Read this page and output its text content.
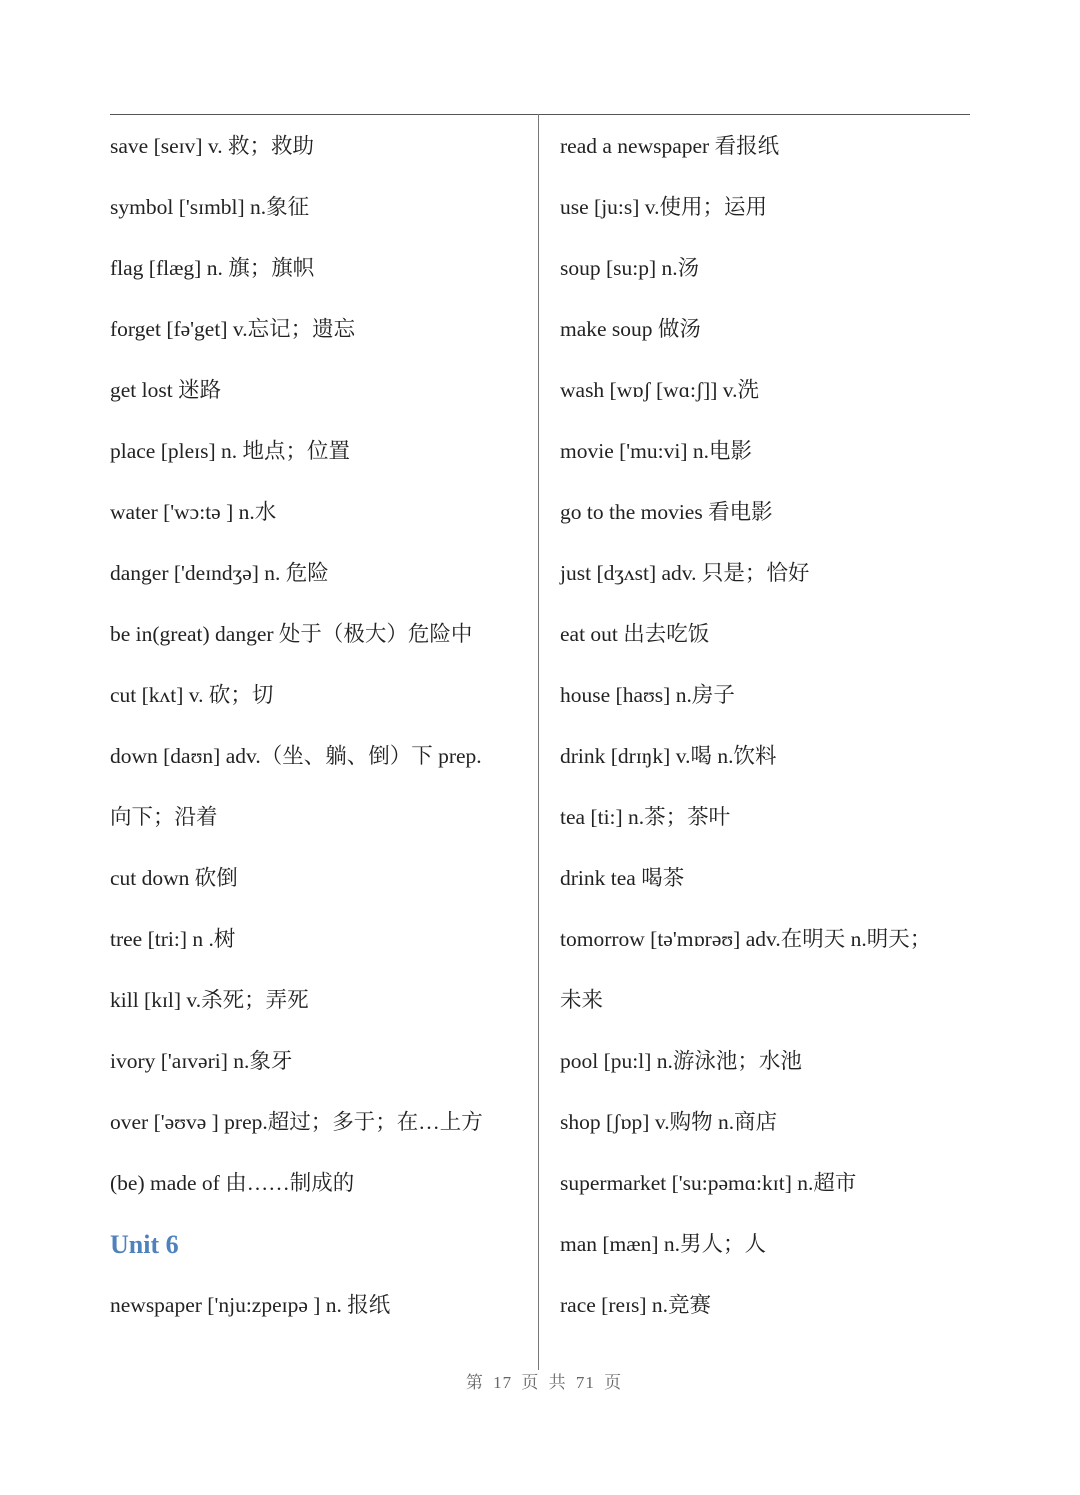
save [seɪv] v. 救；救助
symbol ['sɪmbl] n.象征
flag [flæg] n. 旗；旗帜
forget [fə'get] v.忘记；遗忘
get lost 迷路
place [pleɪs] n. 地点；位置
water ['wɔ:tə ] n.水
danger ['deɪndʒə] n. 危险
be in(great) danger 处于（极大）危险中
cut [kʌt] v. 砍；切
down [daʊn] adv.（坐、躺、倒）下 prep.
向下；沿着
cut down 砍倒
tree [tri:] n .树
kill [kɪl] v.杀死；弄死
ivory ['aɪvəri] n.象牙
over ['əʊvə ] prep.超过；多于；在…上方
(be) made of 由……制成的
Unit 6
newspaper ['nju:zpeɪpə ] n. 报纸
read a newspaper 看报纸
use [ju:s] v.使用；运用
soup [su:p] n.汤
make soup 做汤
wash [wɒʃ [wɑ:ʃ]] v.洗
movie ['mu:vi] n.电影
go to the movies 看电影
just [dʒʌst] adv. 只是；恰好
eat out 出去吃饭
house [haʊs] n.房子
drink [drɪŋk] v.喝 n.饮料
tea [ti:] n.茶；茶叶
drink tea 喝茶
tomorrow [tə'mɒrəʊ] adv.在明天 n.明天；
未来
pool [pu:l] n.游泳池；水池
shop [ʃɒp] v.购物 n.商店
supermarket ['su:pəmɑ:kɪt] n.超市
man [mæn] n.男人；人
race [reɪs] n.竞赛
第 17 页 共 71 页
